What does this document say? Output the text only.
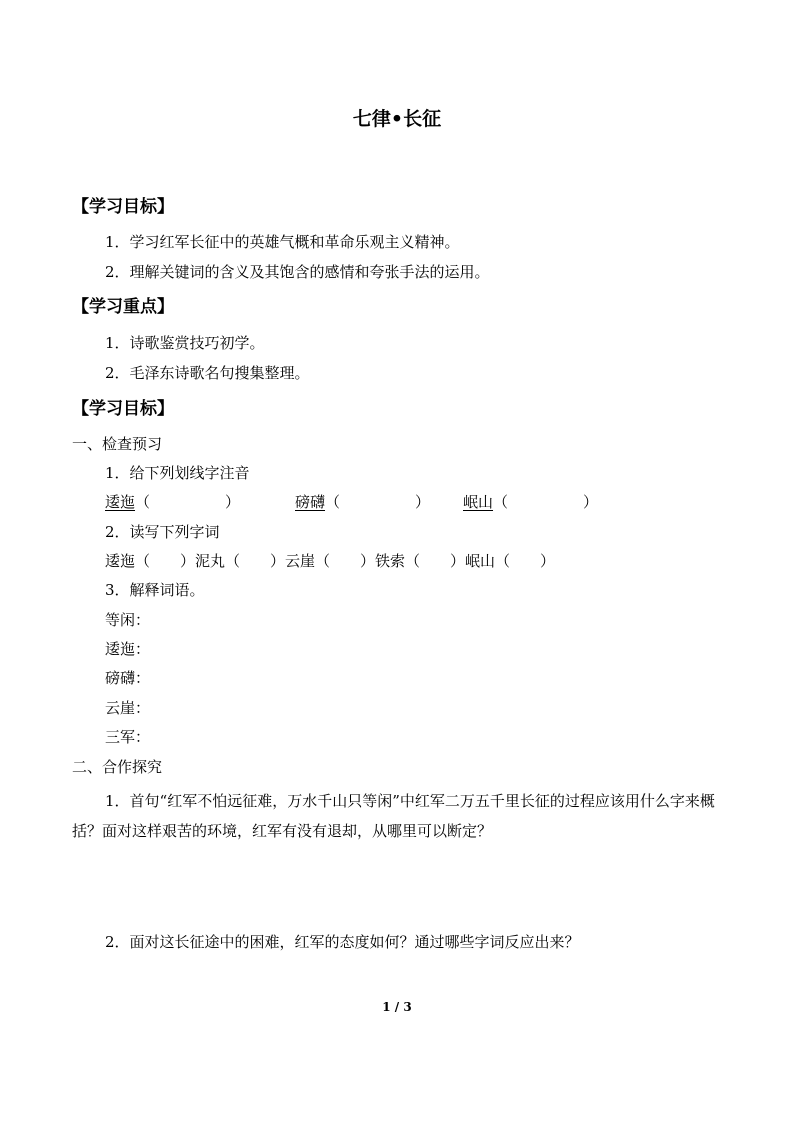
七律•长征
【学习目标】
1．学习红军长征中的英雄气概和革命乐观主义精神。
2．理解关键词的含义及其饱含的感情和夸张手法的运用。
【学习重点】
1．诗歌鉴赏技巧初学。
2．毛泽东诗歌名句搜集整理。
【学习目标】
一、检查预习
1．给下列划线字注音
逶迤（　　　　　）	磅礴（　　　　　） 岷山（　　　　　）
2．读写下列字词
逶迤（　　）泥丸（　　）云崖（　　）铁索（　　）岷山（　　）
3．解释词语。
等闲：
逶迤：
磅礴：
云崖：
三军：
二、合作探究
1．首句“红军不怕远征难，万水千山只等闲”中红军二万五千里长征的过程应该用什么字来概括？面对这样艰苦的环境，红军有没有退却，从哪里可以断定？
2．面对这长征途中的困难，红军的态度如何？通过哪些字词反应出来？
1 / 3
